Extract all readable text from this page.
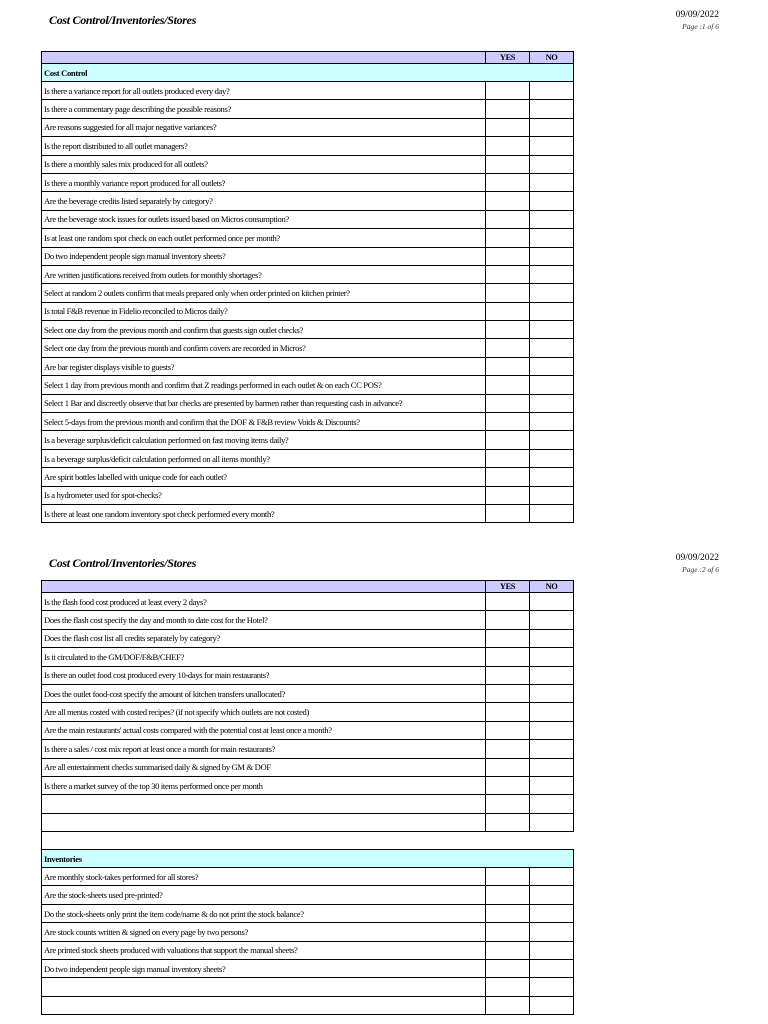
Cost Control/Inventories/Stores	09/09/2022
Page :1 of 6
	YES	NO
Cost Control		
Is there a variance report for all outlets produced every day?		
Is there a commentary page describing the possible reasons?		
Are reasons suggested for all major negative variances?		
Is the report distributed to all outlet managers?		
Is there a monthly sales mix produced for all outlets?		
Is there a monthly variance report produced for all outlets?		
Are the beverage credits listed separately by category?		
Are the beverage stock issues for outlets issued based on Micros consumption?		
Is at least one random spot check on each outlet performed once per month?		
Do two independent people sign manual inventory sheets?		
Are written justifications received from outlets for monthly shortages?		
Select at random 2 outlets confirm that meals prepared only when order printed on kitchen printer?		
Is total F&B revenue in Fidelio reconciled to Micros daily?		
Select one day from the previous month and confirm that guests sign outlet checks?		
Select one day from the previous month and confirm covers are recorded in Micros?		
Are bar register displays visible to guests?		
Select 1 day from previous month and confirm that Z readings performed in each outlet & on each CC POS?		
Select 1 Bar and discreetly observe that bar checks are presented by barmen rather than requesting cash in advance?		
Select 5-days from the previous month and confirm that the DOF & F&B review Voids & Discounts?		
Is a beverage surplus/deficit calculation performed on fast moving items daily?		
Is a beverage surplus/deficit calculation performed on all items monthly?		
Are spirit bottles labelled with unique code for each outlet?		
Is a hydrometer used for spot-checks?		
Is there at least one random inventory spot check performed every month?		
Cost Control/Inventories/Stores	09/09/2022
Page :2 of 6
	YES	NO
Is the flash food cost produced at least every 2 days?		
Does the flash cost specify the day and month to date cost for the Hotel?		
Does the flash cost list all credits separately by category?		
Is it circulated to the GM/DOF/F&B/CHEF?		
Is there an outlet food cost produced every 10-days for main restaurants?		
Does the outlet food-cost specify the amount of kitchen transfers unallocated?		
Are all menus costed with costed recipes? (if not specify which outlets are not costed)		
Are the main restaurants' actual costs compared with the potential cost at least once a month?		
Is there a sales / cost mix report at least once a month for main restaurants?		
Are all entertainment checks summarised daily & signed by GM & DOF		
Is there a market survey of the top 30 items performed once per month		

Inventories		
Are monthly stock-takes performed for all stores?		
Are the stock-sheets used pre-printed?		
Do the stock-sheets only print the item code/name & do not print the stock balance?		
Are stock counts written & signed on every page by two persons?		
Are printed stock sheets produced with valuations that support the manual sheets?		
Do two independent people sign manual inventory sheets?		
